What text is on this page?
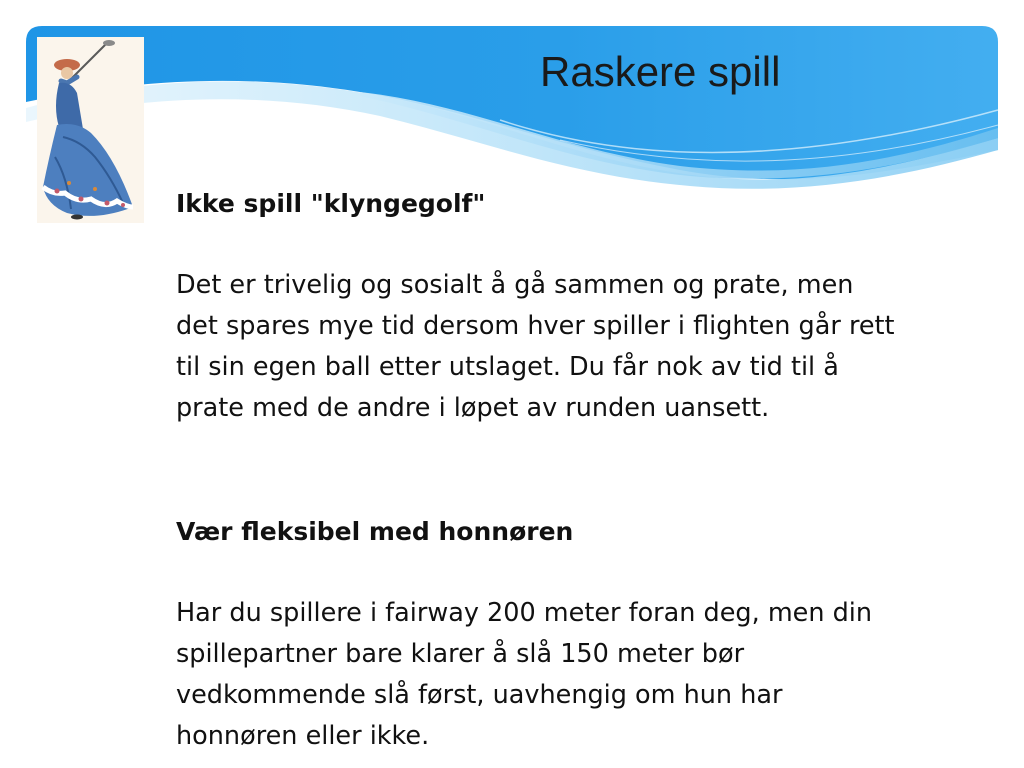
Raskere spill

Ikke spill "klyngegolf"

Det er trivelig og sosialt å gå sammen og prate, men

det spares mye tid dersom hver spiller i flighten går rett

til sin egen ball etter utslaget. Du får nok av tid til å

prate med de andre i løpet av runden uansett.

Vær fleksibel med honnøren

Har du spillere i fairway 200 meter foran deg, men din

spillepartner bare klarer å slå 150 meter bør

vedkommende slå først, uavhengig om hun har

honnøren eller ikke.
